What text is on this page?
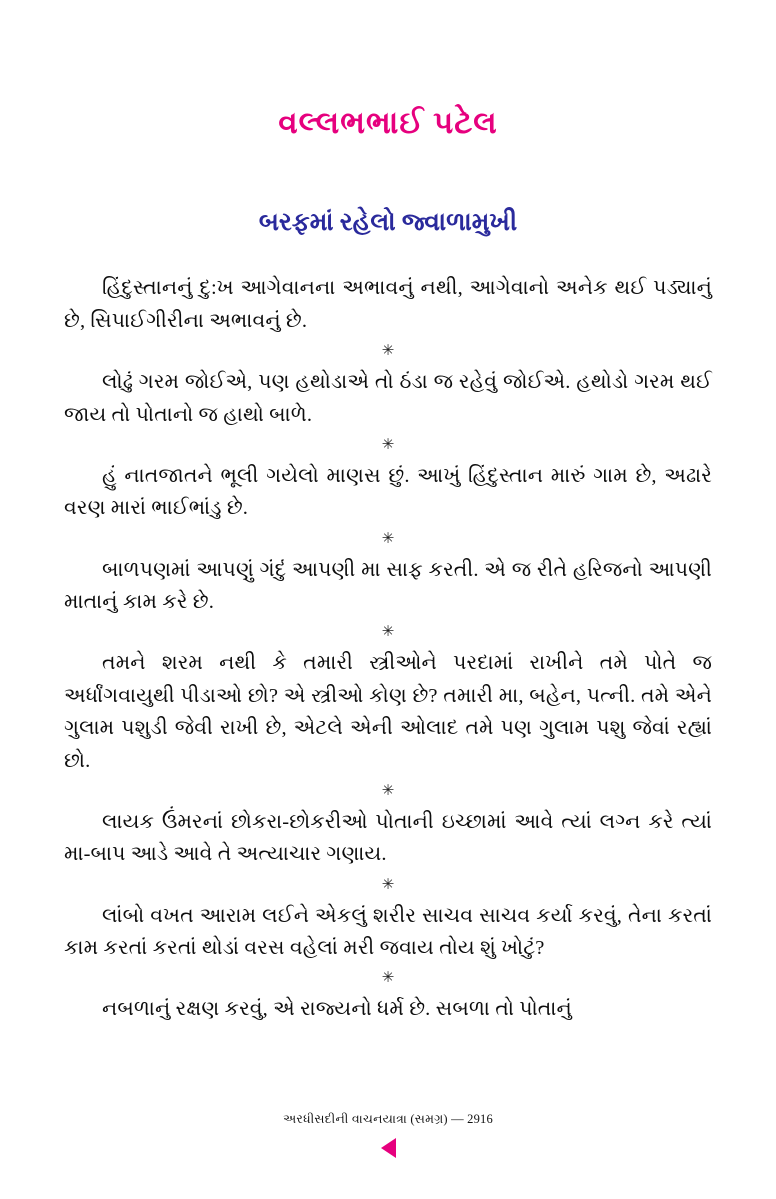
વલ્લભભાઈ પટેલ
બરફમાં રહેલો જ્વાળામુખી

હિંદુસ્તાનનું દુ:ખ આગેવાનના અભાવનું નથી, આગેવાનો અનેક થઈ પડ્યાનું છે, સિપાઈગીરીના અભાવનું છે.

✳

લોઢું ગરમ જોઈએ, પણ હથોડાએ તો ઠંડા જ રહેવું જોઈએ. હથોડો ગરમ થઈ જાય તો પોતાનો જ હાથો બાળે.

✳

હું નાતજાતને ભૂલી ગયેલો માણસ છું. આખું હિંદુસ્તાન મારું ગામ છે, અઢારે વરણ મારાં ભાઈભાંડુ છે.

✳

બાળપણમાં આપણું ગંદું આપણી મા સાફ કરતી. એ જ રીતે હરિજનો આપણી માતાનું કામ કરે છે.

✳

તમને શરમ નથી કે તમારી સ્ત્રીઓને પરદામાં રાખીને તમે પોતે જ અર્ધાંગવાયુથી પીડાઓ છો? એ સ્ત્રીઓ કોણ છે? તમારી મા, બહેન, પત્ની. તમે એને ગુલામ પશુડી જેવી રાખી છે, એટલે એની ઓલાદ તમે પણ ગુલામ પશુ જેવાં રહ્યાં છો.

✳

લાયક ઉંમરનાં છોકરા-છોકરીઓ પોતાની ઇચ્છામાં આવે ત્યાં લગ્ન કરે ત્યાં મા-બાપ આડે આવે તે અત્યાચાર ગણાય.

✳

લાંબો વખત આરામ લઈને એકલું શરીર સાચવ સાચવ કર્યા કરવું, તેના કરતાં કામ કરતાં કરતાં થોડાં વરસ વહેલાં મરી જવાય તોય શું ખોટું?

✳

નબળાનું રક્ષણ કરવું, એ રાજ્યનો ધર્મ છે. સબળા તો પોતાનું

અરધીસદીની વાચનયાત્રા (સમગ્ર) — 2916
